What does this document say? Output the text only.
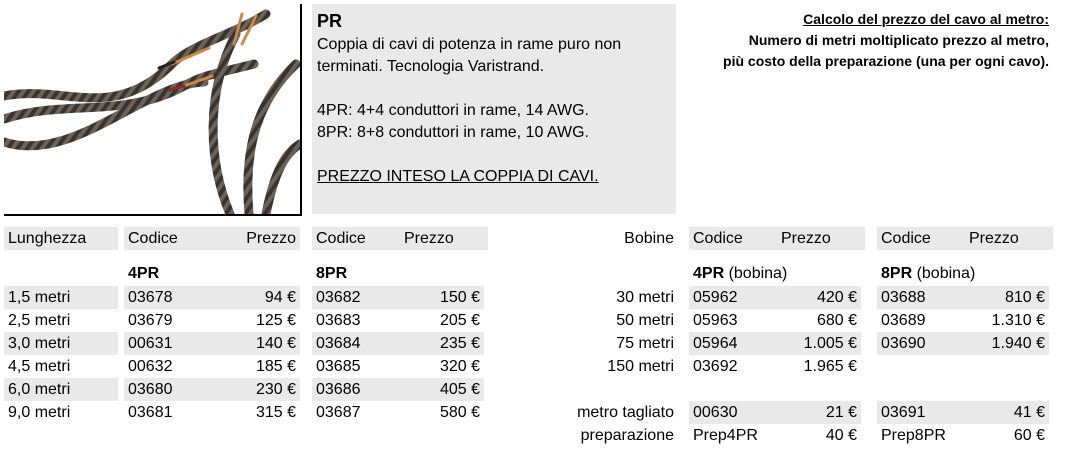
PR
Coppia di cavi di potenza in rame puro non
terminati. Tecnologia Varistrand.
4PR: 4+4 conduttori in rame, 14 AWG.
8PR: 8+8 conduttori in rame, 10 AWG.
PREZZO INTESO LA COPPIA DI CAVI.
Calcolo del prezzo del cavo al metro:
Numero di metri moltiplicato prezzo al metro,
più costo della preparazione (una per ogni cavo).
Lunghezza	Codice	Prezzo Codice	Prezzo	Bobine Codice	Prezzo	Codice	Prezzo
4PR	8PR	4PR (bobina)	8PR (bobina)
1,5 metri	03678	94 € 03682	150 €
2,5 metri	03679	125 € 03683	205 €
3,0 metri	00631	140 € 03684	235 €
4,5 metri	00632	185 € 03685	320 €
6,0 metri	03680	230 € 03686	405 €
9,0 metri	03681	315 € 03687	580 €
30 metri 05962	420 € 03688	810 €
50 metri 05963	680 € 03689	1.310 €
75 metri 05964	1.005 € 03690	1.940 €
150 metri 03692	1.965 €
metro tagliato 00630	21 € 03691	41 €
preparazione Prep4PR	40 € Prep8PR	60 €
